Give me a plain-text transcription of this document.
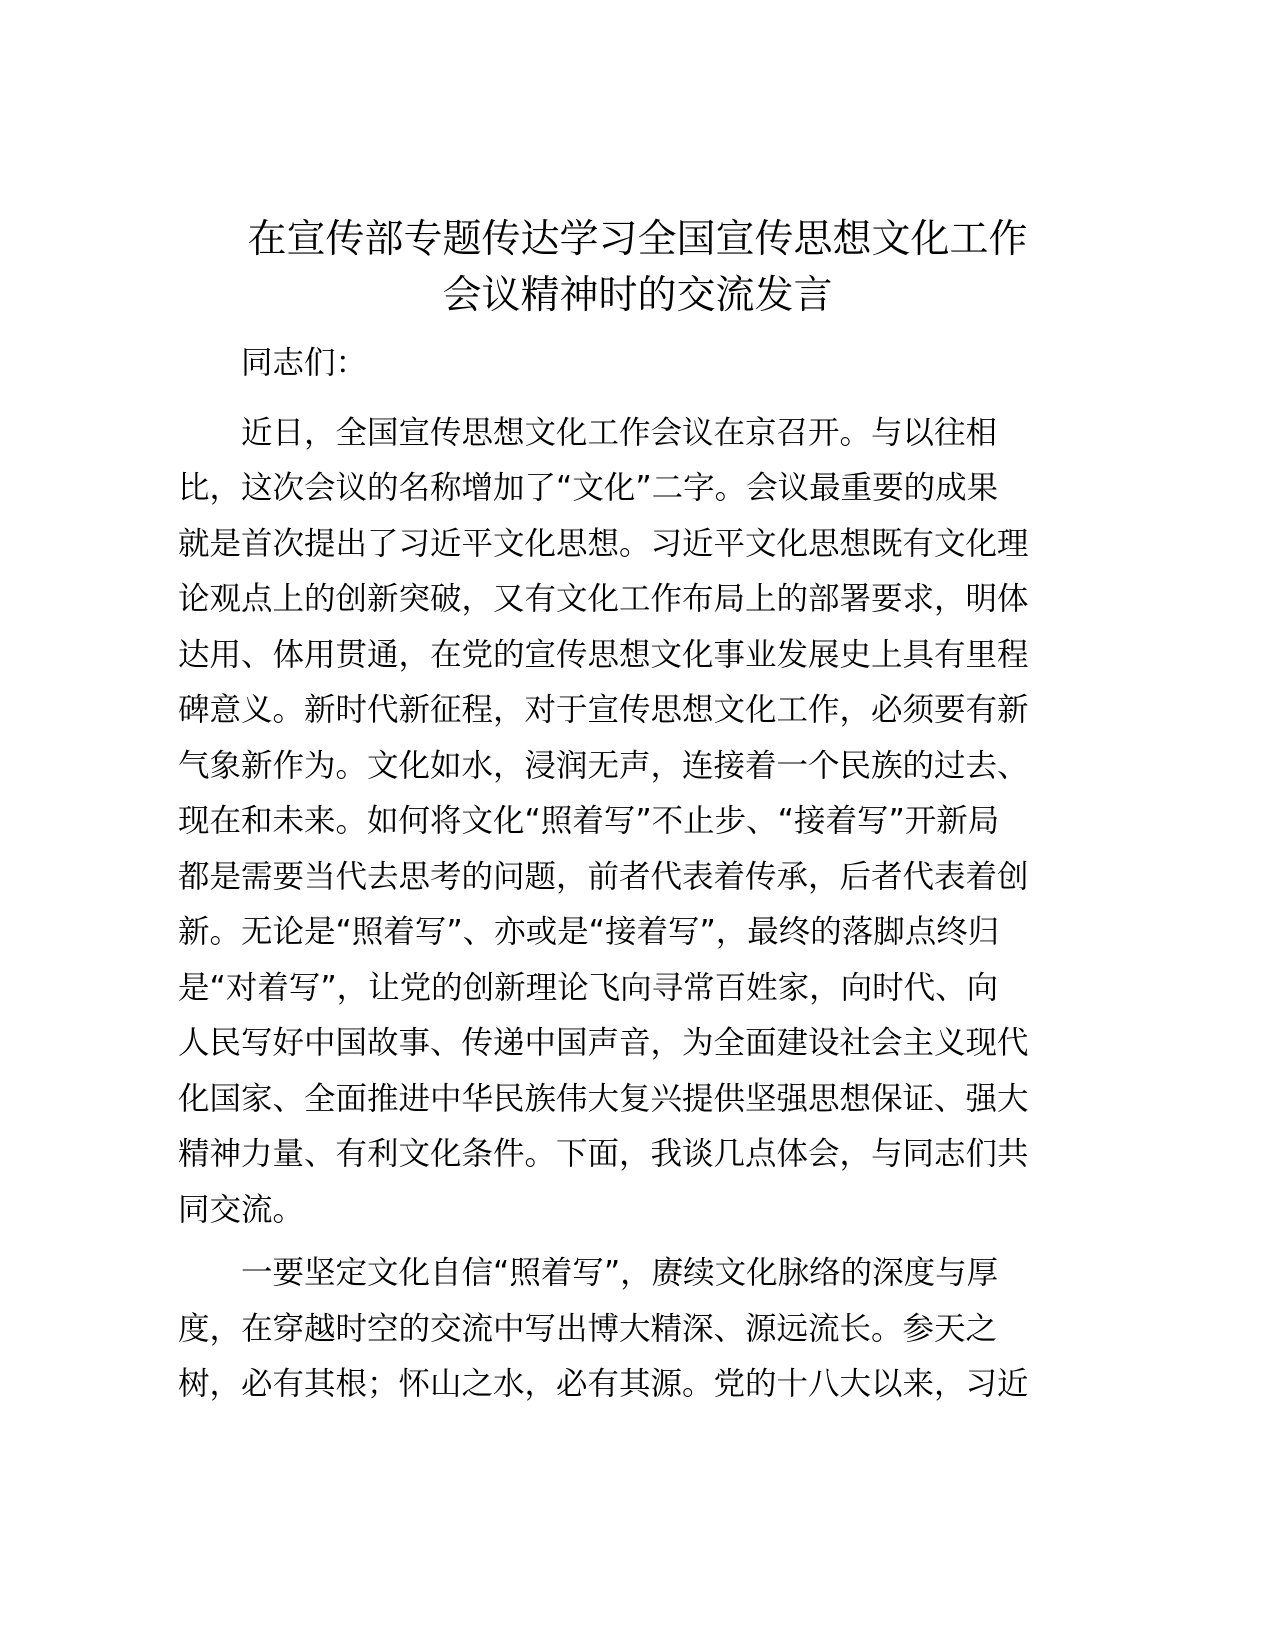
在宣传部专题传达学习全国宣传思想文化工作
会议精神时的交流发言

同志们：

近日，全国宣传思想文化工作会议在京召开。与以往相
比，这次会议的名称增加了“文化”二字。会议最重要的成果
就是首次提出了习近平文化思想。习近平文化思想既有文化理
论观点上的创新突破，又有文化工作布局上的部署要求，明体
达用、体用贯通，在党的宣传思想文化事业发展史上具有里程
碑意义。新时代新征程，对于宣传思想文化工作，必须要有新
气象新作为。文化如水，浸润无声，连接着一个民族的过去、
现在和未来。如何将文化“照着写”不止步、“接着写”开新局
都是需要当代去思考的问题，前者代表着传承，后者代表着创
新。无论是“照着写”、亦或是“接着写”，最终的落脚点终归
是“对着写”，让党的创新理论飞向寻常百姓家，向时代、向
人民写好中国故事、传递中国声音，为全面建设社会主义现代
化国家、全面推进中华民族伟大复兴提供坚强思想保证、强大
精神力量、有利文化条件。下面，我谈几点体会，与同志们共
同交流。

一要坚定文化自信“照着写”，赓续文化脉络的深度与厚
度，在穿越时空的交流中写出博大精深、源远流长。参天之
树，必有其根；怀山之水，必有其源。党的十八大以来，习近
